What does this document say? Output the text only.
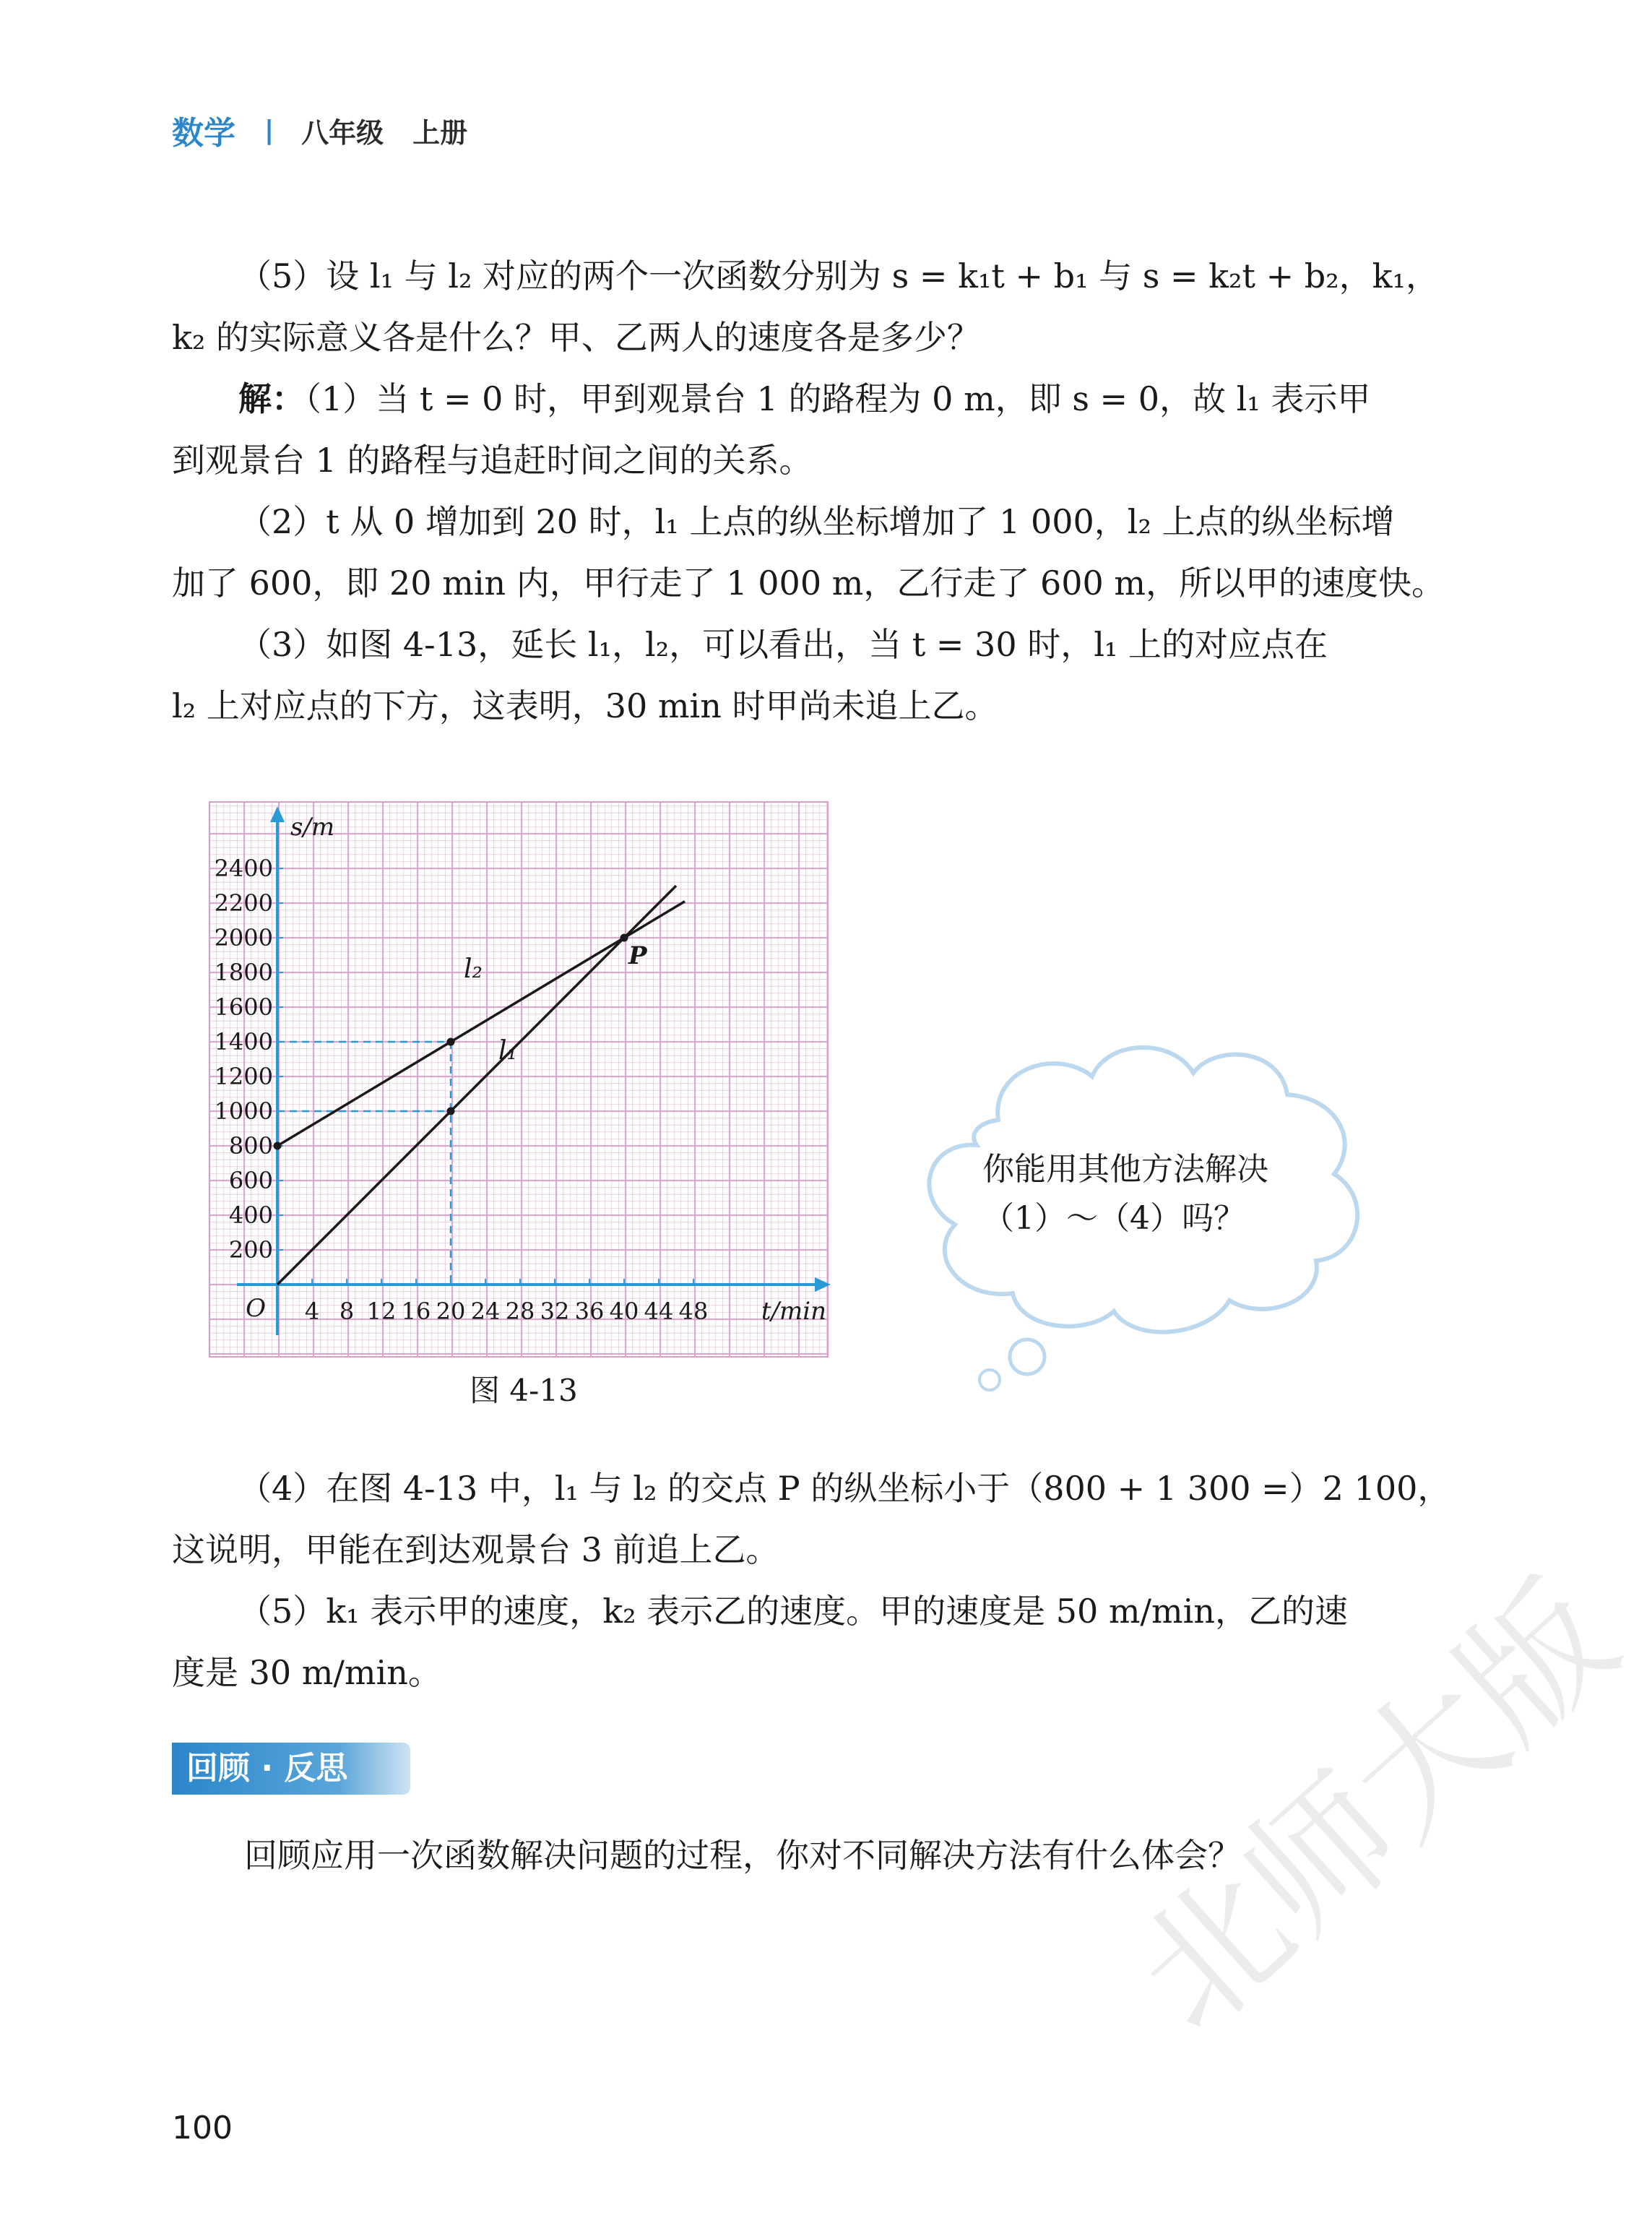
数学 | 八年级 上册
（5）设 l₁ 与 l₂ 对应的两个一次函数分别为 s = k₁t + b₁ 与 s = k₂t + b₂，k₁，
k₂ 的实际意义各是什么？甲、乙两人的速度各是多少？
解：（1）当 t = 0 时，甲到观景台 1 的路程为 0 m，即 s = 0，故 l₁ 表示甲
到观景台 1 的路程与追赶时间之间的关系。
（2）t 从 0 增加到 20 时，l₁ 上点的纵坐标增加了 1 000，l₂ 上点的纵坐标增
加了 600，即 20 min 内，甲行走了 1 000 m，乙行走了 600 m，所以甲的速度快。
（3）如图 4-13，延长 l₁，l₂，可以看出，当 t = 30 时，l₁ 上的对应点在
l₂ 上对应点的下方，这表明，30 min 时甲尚未追上乙。
4 8 12 16 20 24 28 32 36 40 44 48
200
400
600
800
1000
1200
1400
1600
1800
2000
2200
2400
s/m
t/min
O
l₁
l₂	P
图 4-13
你能用其他方法解决
（1）～（4）吗？
（4）在图 4-13 中，l₁ 与 l₂ 的交点 P 的纵坐标小于（800 + 1 300 =）2 100，
这说明，甲能在到达观景台 3 前追上乙。
（5）k₁ 表示甲的速度，k₂ 表示乙的速度。甲的速度是 50 m/min，乙的速
度是 30 m/min。
回顾 · 反思
回顾应用一次函数解决问题的过程，你对不同解决方法有什么体会？
北师大版
100
